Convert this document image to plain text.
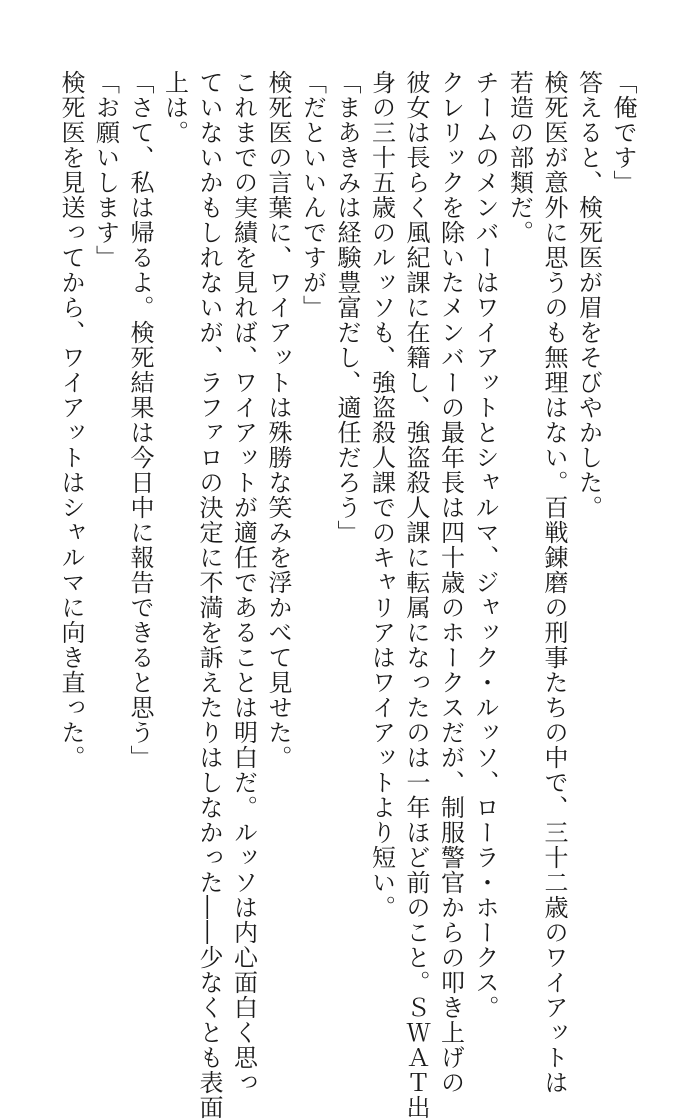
「俺です」
答えると、検死医が眉をそびやかした。
検死医が意外に思うのも無理はない。百戦錬磨の刑事たちの中で、三十二歳のワイアットは
若造の部類だ。
チームのメンバーはワイアットとシャルマ、ジャック・ルッソ、ローラ・ホークス。
クレリックを除いたメンバーの最年長は四十歳のホークスだが、制服警官からの叩き上げの
彼女は長らく風紀課に在籍し、強盗殺人課に転属になったのは一年ほど前のこと。ＳＷＡＴ出
身の三十五歳のルッソも、強盗殺人課でのキャリアはワイアットより短い。
「まあきみは経験豊富だし、適任だろう」
「だといいんですが」
検死医の言葉に、ワイアットは殊勝な笑みを浮かべて見せた。
これまでの実績を見れば、ワイアットが適任であることは明白だ。ルッソは内心面白く思っ
ていないかもしれないが、ラファロの決定に不満を訴えたりはしなかった――少なくとも表面
上は。
「さて、私は帰るよ。検死結果は今日中に報告できると思う」
「お願いします」
検死医を見送ってから、ワイアットはシャルマに向き直った。
